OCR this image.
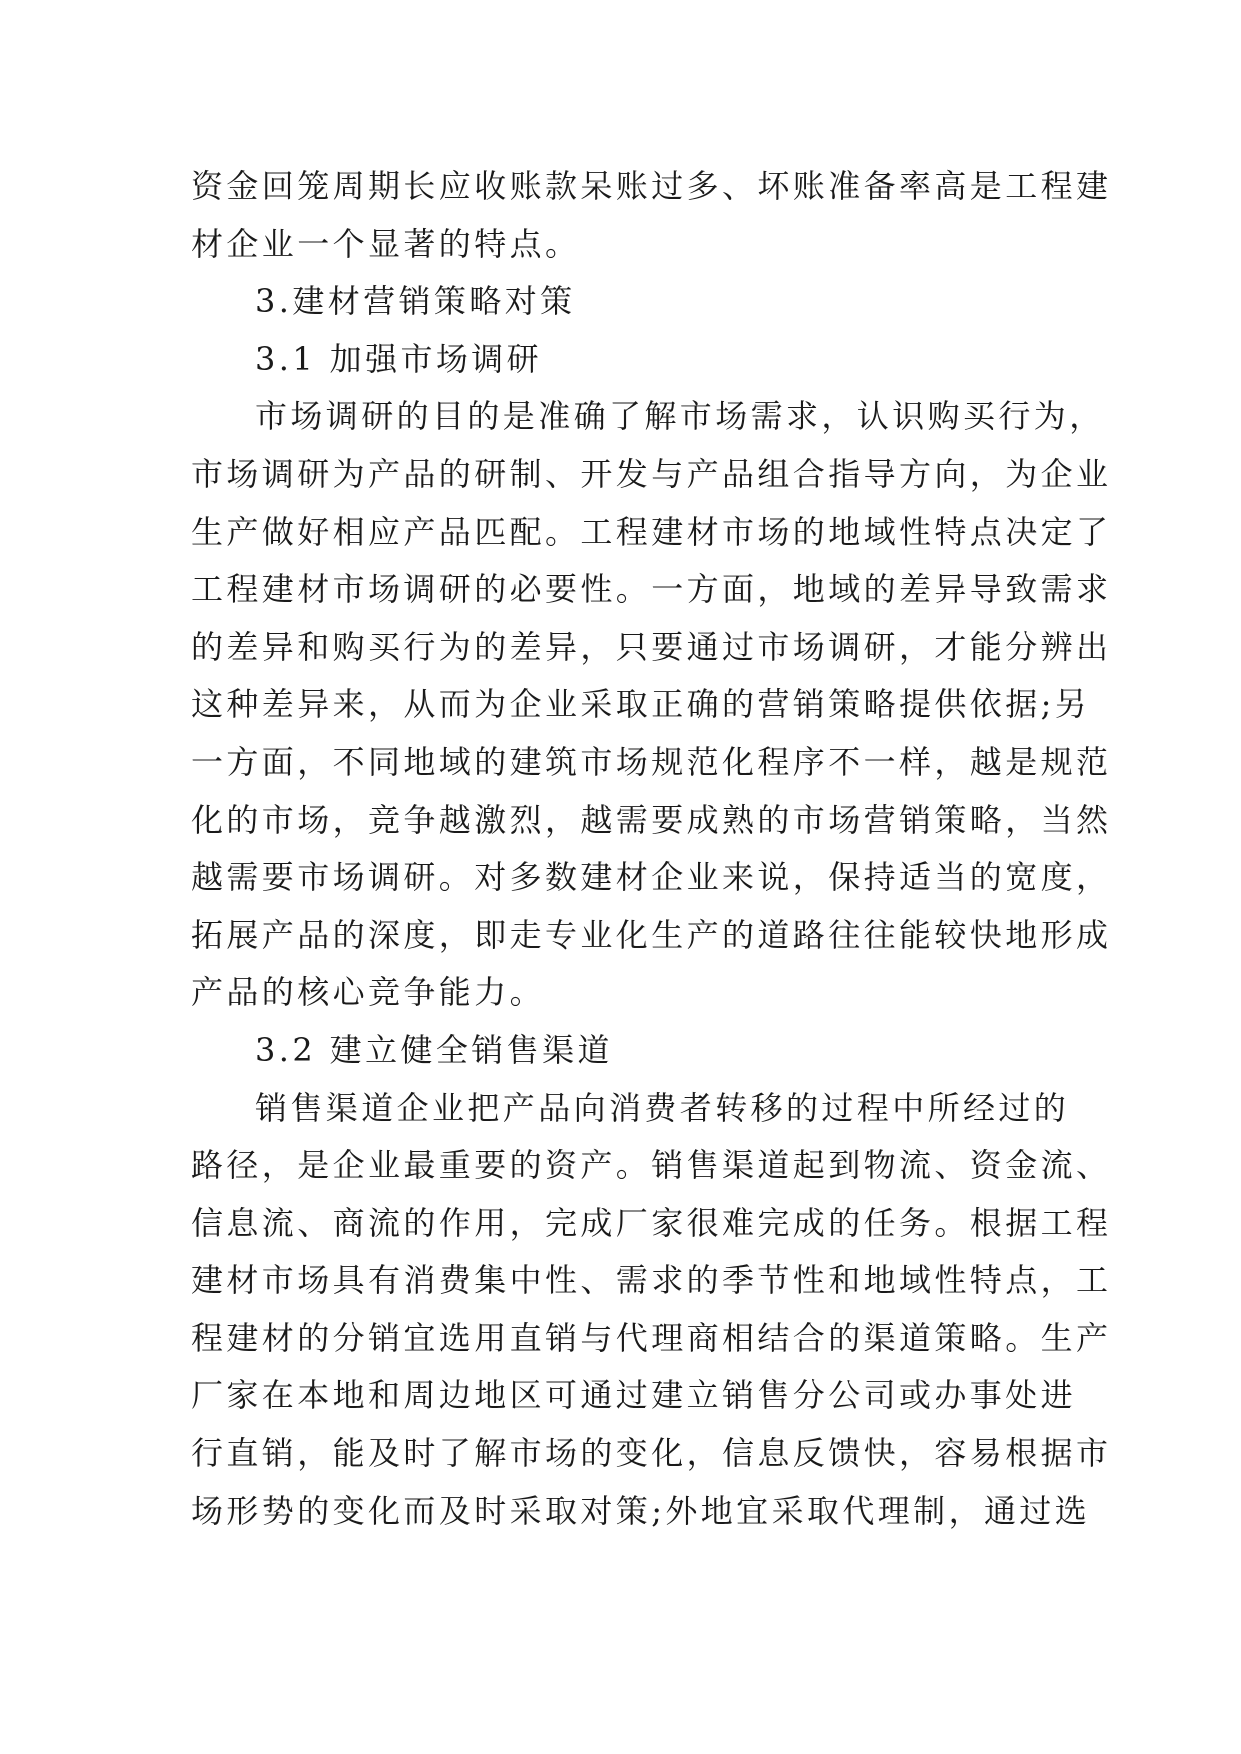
资金回笼周期长应收账款呆账过多、坏账准备率高是工程建
材企业一个显著的特点。
3.建材营销策略对策
3.1 加强市场调研
市场调研的目的是准确了解市场需求，认识购买行为，
市场调研为产品的研制、开发与产品组合指导方向，为企业
生产做好相应产品匹配。工程建材市场的地域性特点决定了
工程建材市场调研的必要性。一方面，地域的差异导致需求
的差异和购买行为的差异，只要通过市场调研，才能分辨出
这种差异来，从而为企业采取正确的营销策略提供依据;另
一方面，不同地域的建筑市场规范化程序不一样，越是规范
化的市场，竞争越激烈，越需要成熟的市场营销策略，当然
越需要市场调研。对多数建材企业来说，保持适当的宽度，
拓展产品的深度，即走专业化生产的道路往往能较快地形成
产品的核心竞争能力。
3.2 建立健全销售渠道
销售渠道企业把产品向消费者转移的过程中所经过的
路径，是企业最重要的资产。销售渠道起到物流、资金流、
信息流、商流的作用，完成厂家很难完成的任务。根据工程
建材市场具有消费集中性、需求的季节性和地域性特点，工
程建材的分销宜选用直销与代理商相结合的渠道策略。生产
厂家在本地和周边地区可通过建立销售分公司或办事处进
行直销，能及时了解市场的变化，信息反馈快，容易根据市
场形势的变化而及时采取对策;外地宜采取代理制，通过选
